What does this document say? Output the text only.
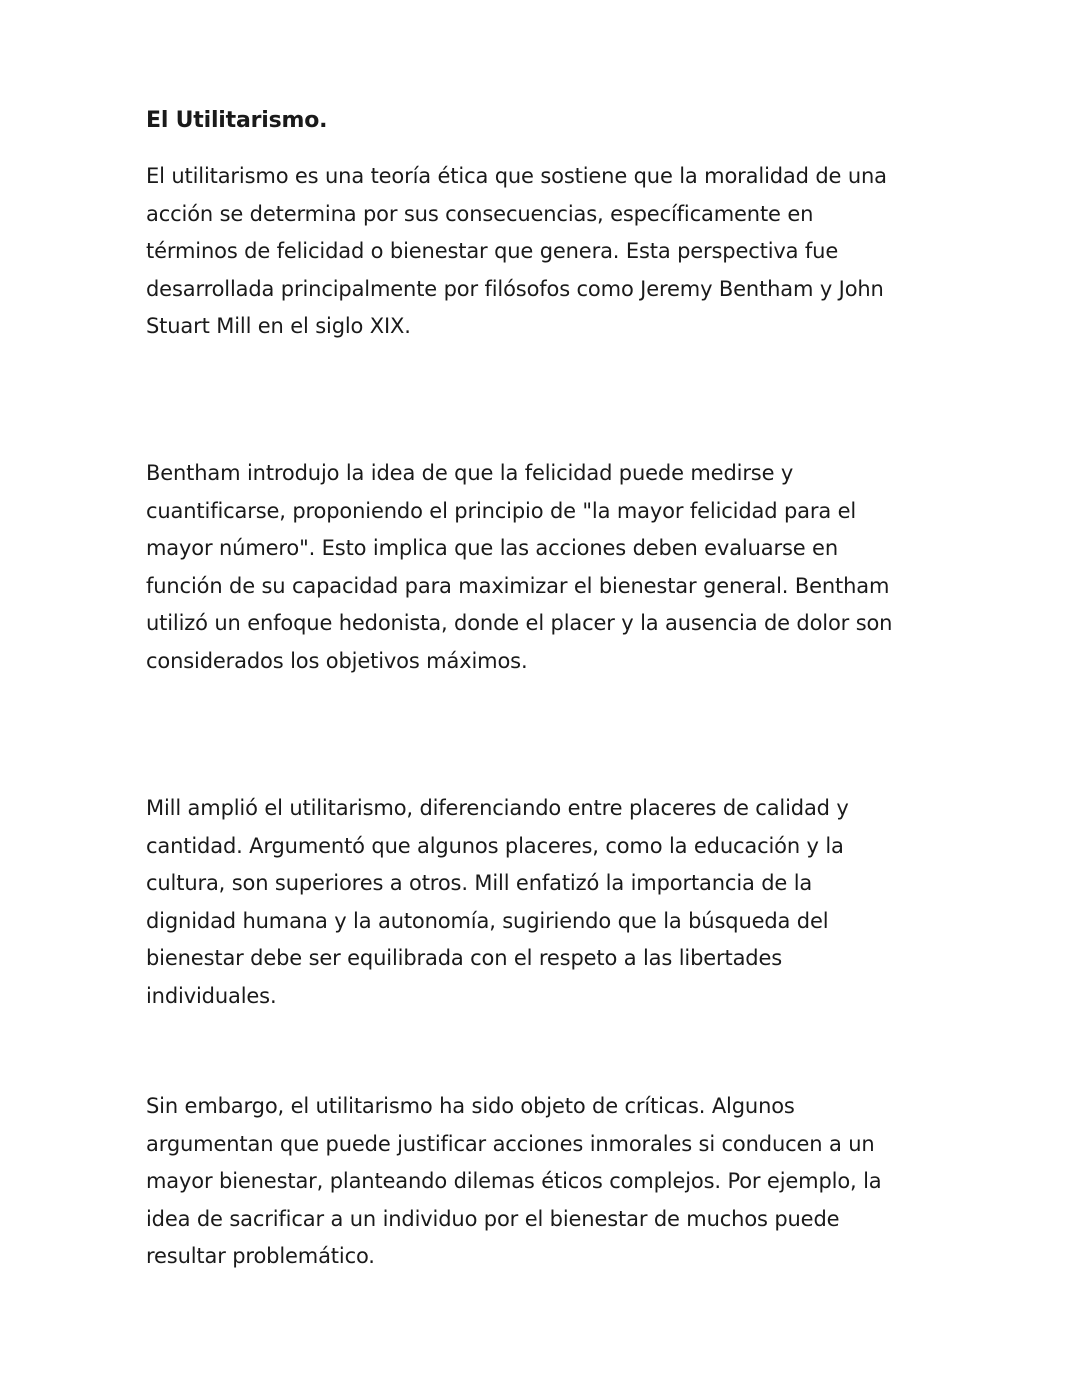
El Utilitarismo.

El utilitarismo es una teoría ética que sostiene que la moralidad de una acción se determina por sus consecuencias, específicamente en términos de felicidad o bienestar que genera. Esta perspectiva fue desarrollada principalmente por filósofos como Jeremy Bentham y John Stuart Mill en el siglo XIX.

Bentham introdujo la idea de que la felicidad puede medirse y cuantificarse, proponiendo el principio de "la mayor felicidad para el mayor número". Esto implica que las acciones deben evaluarse en función de su capacidad para maximizar el bienestar general. Bentham utilizó un enfoque hedonista, donde el placer y la ausencia de dolor son considerados los objetivos máximos.

Mill amplió el utilitarismo, diferenciando entre placeres de calidad y cantidad. Argumentó que algunos placeres, como la educación y la cultura, son superiores a otros. Mill enfatizó la importancia de la dignidad humana y la autonomía, sugiriendo que la búsqueda del bienestar debe ser equilibrada con el respeto a las libertades individuales.

Sin embargo, el utilitarismo ha sido objeto de críticas. Algunos argumentan que puede justificar acciones inmorales si conducen a un mayor bienestar, planteando dilemas éticos complejos. Por ejemplo, la idea de sacrificar a un individuo por el bienestar de muchos puede resultar problemático.
